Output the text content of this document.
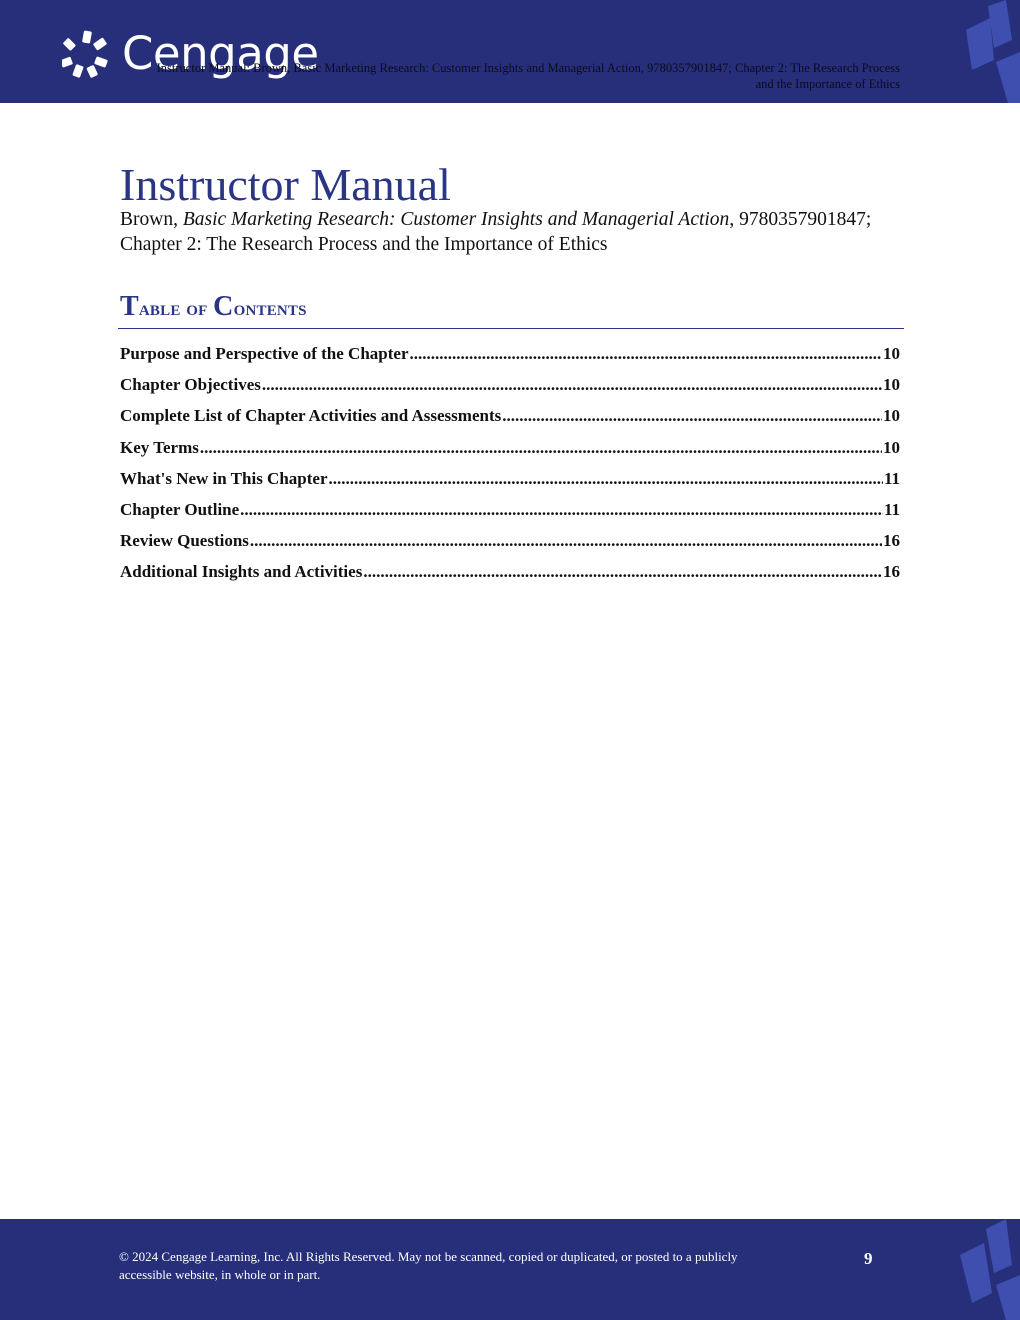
Cengage
Instructor Manual: Brown, Basic Marketing Research: Customer Insights and Managerial Action, 9780357901847; Chapter 2: The Research Process and the Importance of Ethics
Instructor Manual
Brown, Basic Marketing Research: Customer Insights and Managerial Action, 9780357901847;
Chapter 2: The Research Process and the Importance of Ethics
Table of Contents
Purpose and Perspective of the Chapter .....	10
Chapter Objectives .....	10
Complete List of Chapter Activities and Assessments .....	10
Key Terms .....	10
What's New in This Chapter .....	11
Chapter Outline .....	11
Review Questions .....	16
Additional Insights and Activities .....	16
© 2024 Cengage Learning, Inc. All Rights Reserved. May not be scanned, copied or duplicated, or posted to a publicly accessible website, in whole or in part.
9
